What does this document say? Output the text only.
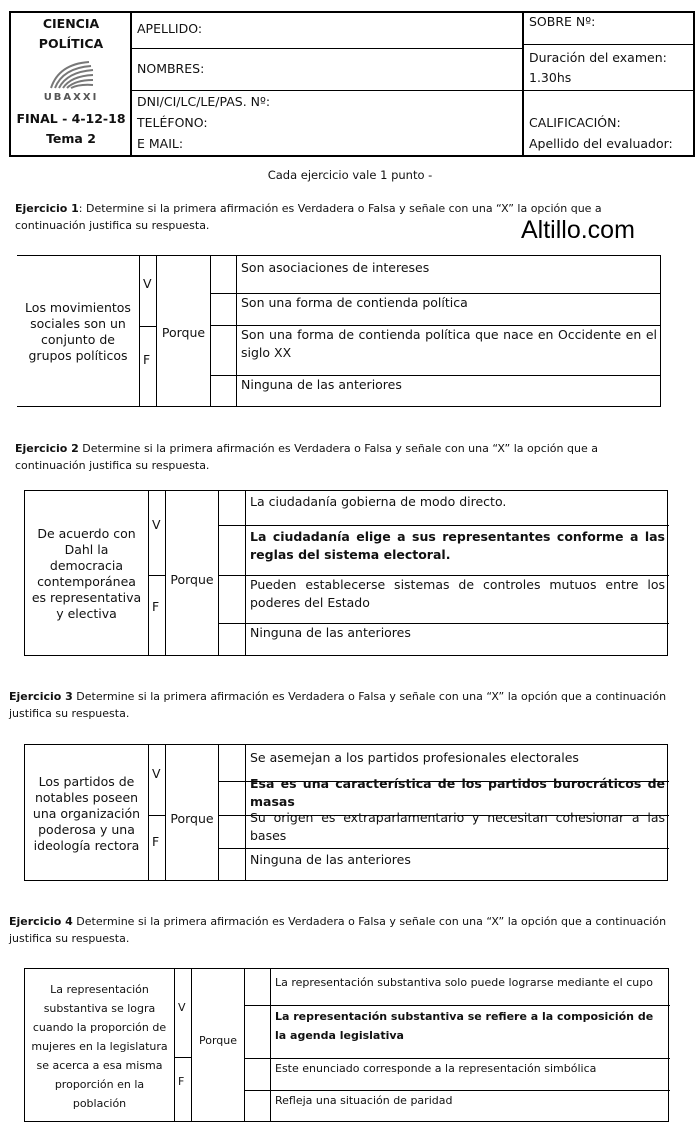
CIENCIA
POLÍTICA
UBAXXI
FINAL - 4-12-18
Tema 2
APELLIDO:
NOMBRES:
DNI/CI/LC/LE/PAS. Nº:
TELÉFONO:
E MAIL:
SOBRE Nº:
Duración del examen:
1.30hs
CALIFICACIÓN:
Apellido del evaluador:
Cada ejercicio vale 1 punto -
Altillo.com
Ejercicio 1: Determine si la primera afirmación es Verdadera o Falsa y señale con una “X” la opción que a
continuación justifica su respuesta.
Los movimientos sociales son un conjunto de grupos políticos
V
F
Porque
Son asociaciones de intereses
Son una forma de contienda política
Son una forma de contienda política que nace en Occidente en el siglo XX
Ninguna de las anteriores
Ejercicio 2 Determine si la primera afirmación es Verdadera o Falsa y señale con una “X” la opción que a
continuación justifica su respuesta.
De acuerdo con Dahl la democracia contemporánea es representativa y electiva
V
F
Porque
La ciudadanía gobierna de modo directo.
La ciudadanía elige a sus representantes conforme a las reglas del sistema electoral.
Pueden establecerse sistemas de controles mutuos entre los poderes del Estado
Ninguna de las anteriores
Ejercicio 3 Determine si la primera afirmación es Verdadera o Falsa y señale con una “X” la opción que a continuación
justifica su respuesta.
Los partidos de notables poseen una organización poderosa y una ideología rectora
V
F
Porque
Se asemejan a los partidos profesionales electorales
Esa es una característica de los partidos burocráticos de masas
Su origen es extraparlamentario y necesitan cohesionar a las bases
Ninguna de las anteriores
Ejercicio 4 Determine si la primera afirmación es Verdadera o Falsa y señale con una “X” la opción que a continuación
justifica su respuesta.
La representación substantiva se logra cuando la proporción de mujeres en la legislatura se acerca a esa misma proporción en la población
V
F
Porque
La representación substantiva solo puede lograrse mediante el cupo
La representación substantiva se refiere a la composición de la agenda legislativa
Este enunciado corresponde a la representación simbólica
Refleja una situación de paridad
